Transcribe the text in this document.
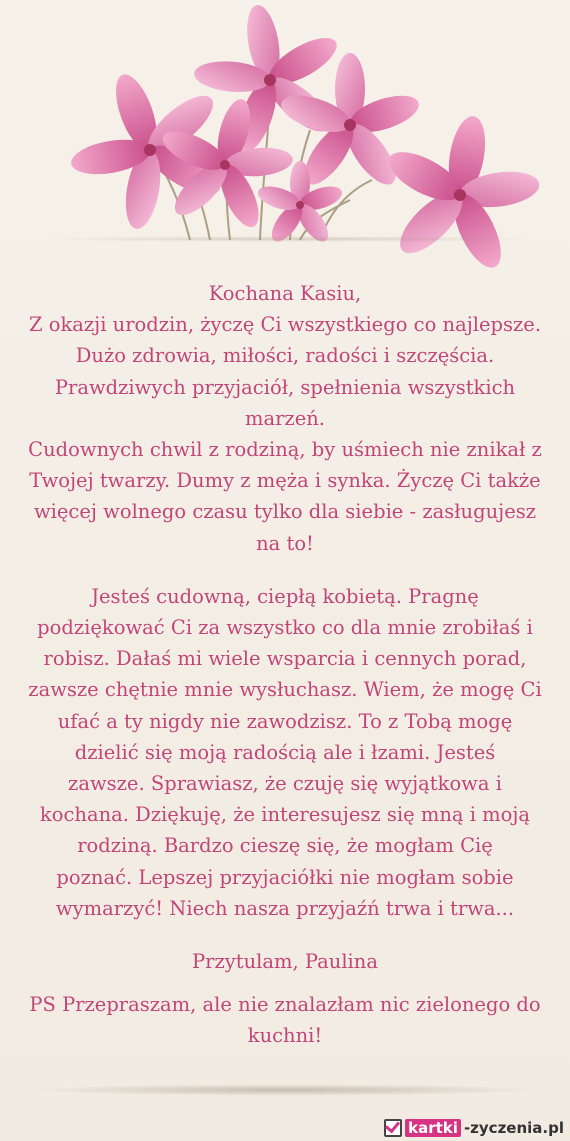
Kochana Kasiu,

Z okazji urodzin, życzę Ci wszystkiego co najlepsze.

Dużo zdrowia, miłości, radości i szczęścia.

Prawdziwych przyjaciół, spełnienia wszystkich

marzeń.

Cudownych chwil z rodziną, by uśmiech nie znikał z

Twojej twarzy. Dumy z męża i synka. Życzę Ci także

więcej wolnego czasu tylko dla siebie - zasługujesz

na to!

Jesteś cudowną, ciepłą kobietą. Pragnę

podziękować Ci za wszystko co dla mnie zrobiłaś i

robisz. Dałaś mi wiele wsparcia i cennych porad,

zawsze chętnie mnie wysłuchasz. Wiem, że mogę Ci

ufać a ty nigdy nie zawodzisz. To z Tobą mogę

dzielić się moją radością ale i łzami. Jesteś

zawsze. Sprawiasz, że czuję się wyjątkowa i

kochana. Dziękuję, że interesujesz się mną i moją

rodziną. Bardzo cieszę się, że mogłam Cię

poznać. Lepszej przyjaciółki nie mogłam sobie

wymarzyć! Niech nasza przyjaźń trwa i trwa...

Przytulam, Paulina

PS Przepraszam, ale nie znalazłam nic zielonego do

kuchni!

kartki -zyczenia.pl
